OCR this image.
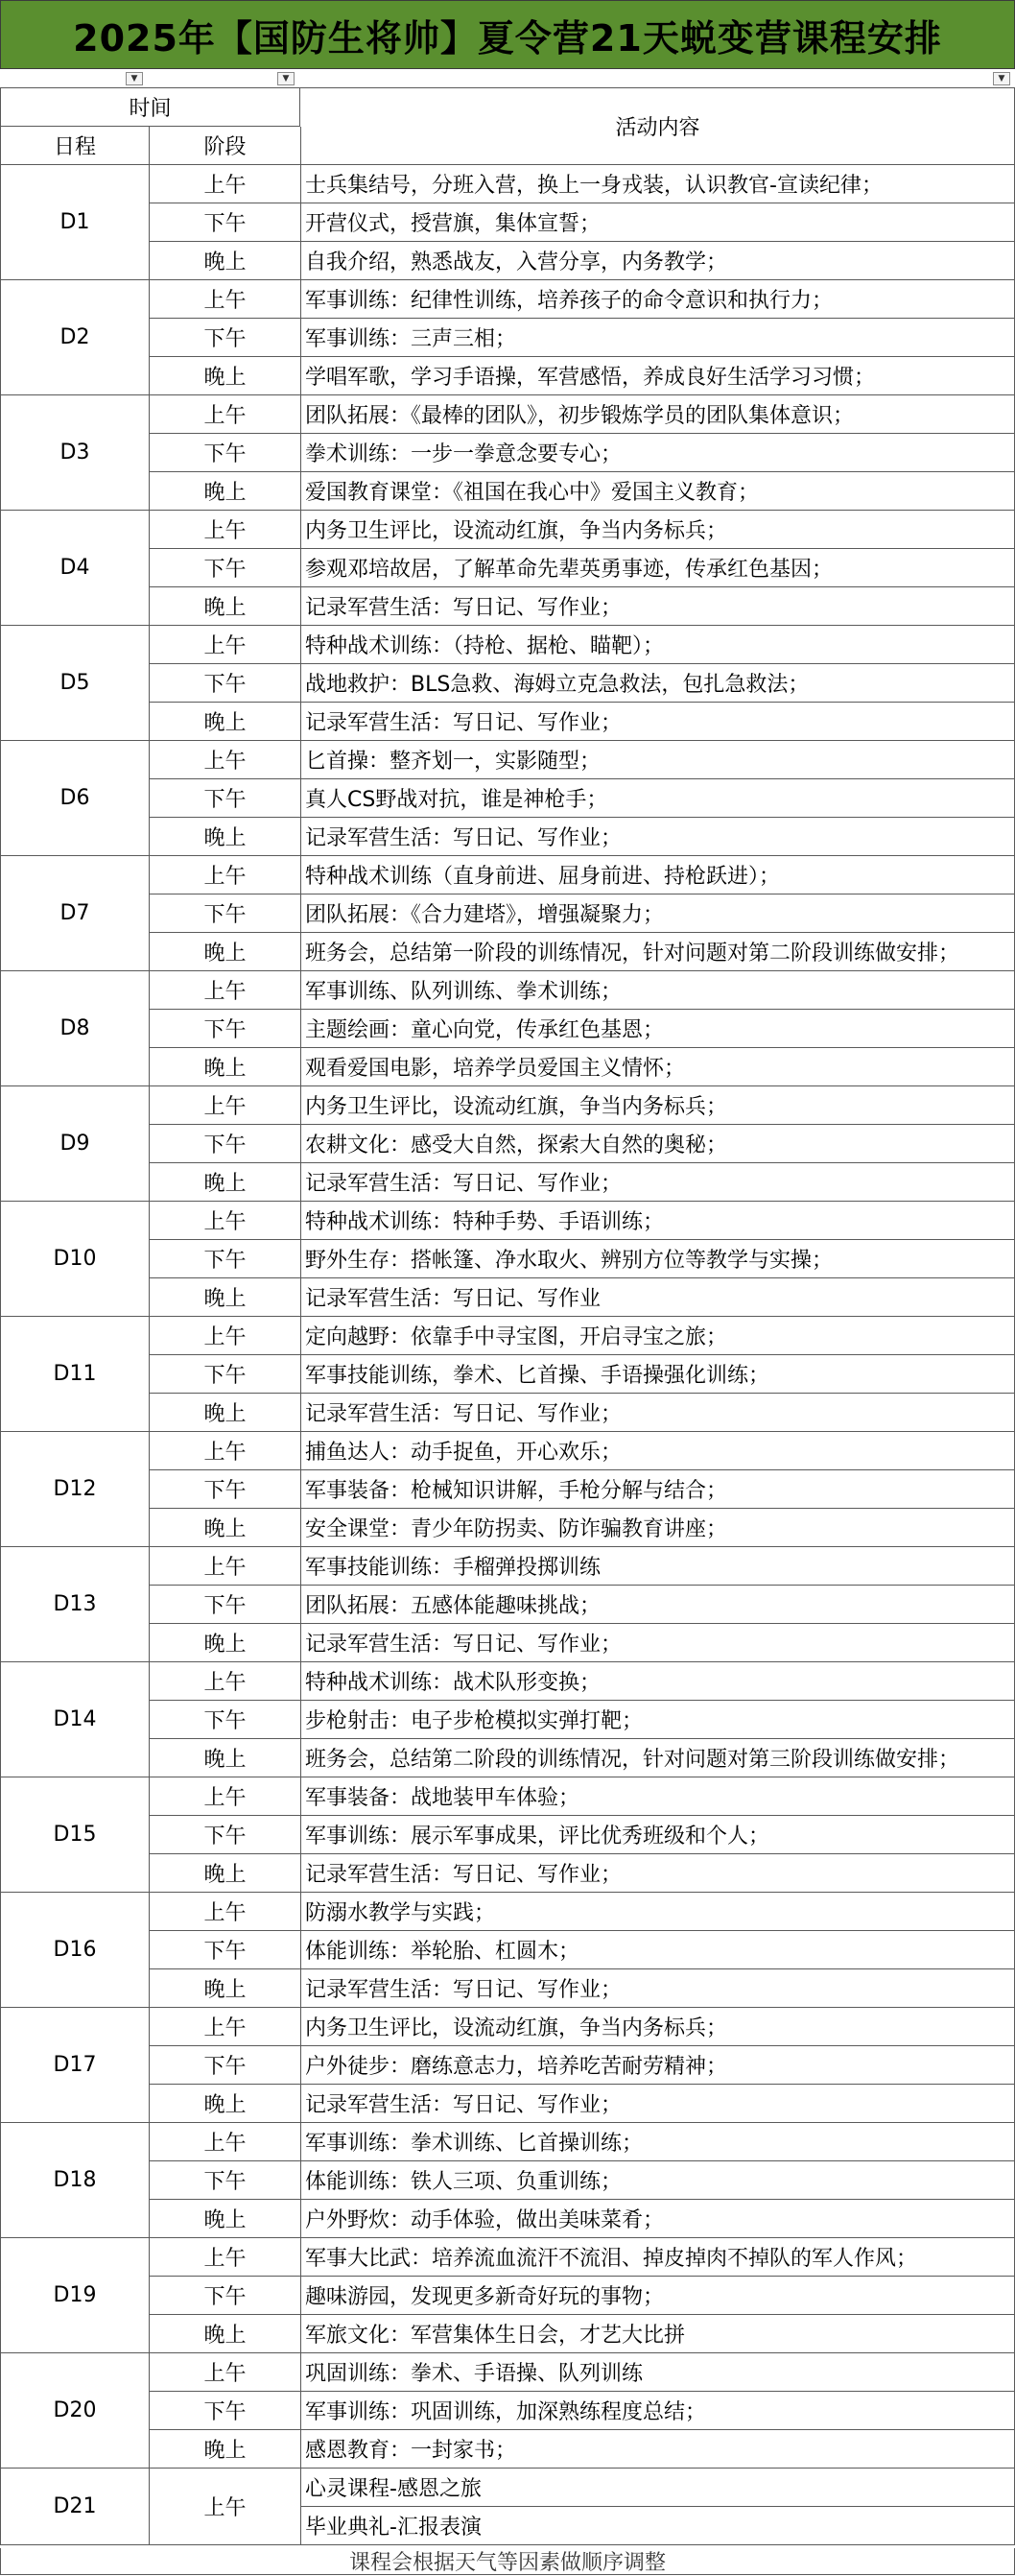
2025年【国防生将帅】夏令营21天蜕变营课程安排
▼	▼	▼
时间
日程	阶段
活动内容
D1
上午	士兵集结号，分班入营，换上一身戎装，认识教官-宣读纪律；
下午	开营仪式，授营旗，集体宣誓；
晚上	自我介绍，熟悉战友，入营分享，内务教学；
D2
上午	军事训练：纪律性训练，培养孩子的命令意识和执行力；
下午	军事训练：三声三相；
晚上	学唱军歌，学习手语操，军营感悟，养成良好生活学习习惯；
D3
上午	团队拓展：《最棒的团队》，初步锻炼学员的团队集体意识；
下午	拳术训练：一步一拳意念要专心；
晚上	爱国教育课堂：《祖国在我心中》爱国主义教育；
D4
上午	内务卫生评比，设流动红旗，争当内务标兵；
下午	参观邓培故居，了解革命先辈英勇事迹，传承红色基因；
晚上	记录军营生活：写日记、写作业；
D5
上午	特种战术训练：（持枪、据枪、瞄靶）；
下午	战地救护：BLS急救、海姆立克急救法，包扎急救法；
晚上	记录军营生活：写日记、写作业；
D6
上午	匕首操：整齐划一，实影随型；
下午	真人CS野战对抗，谁是神枪手；
晚上	记录军营生活：写日记、写作业；
D7
上午	特种战术训练（直身前进、屈身前进、持枪跃进）；
下午	团队拓展：《合力建塔》，增强凝聚力；
晚上	班务会，总结第一阶段的训练情况，针对问题对第二阶段训练做安排；
D8
上午	军事训练、队列训练、拳术训练；
下午	主题绘画：童心向党，传承红色基恩；
晚上	观看爱国电影，培养学员爱国主义情怀；
D9
上午	内务卫生评比，设流动红旗，争当内务标兵；
下午	农耕文化：感受大自然，探索大自然的奥秘；
晚上	记录军营生活：写日记、写作业；
D10
上午	特种战术训练：特种手势、手语训练；
下午	野外生存：搭帐篷、净水取火、辨别方位等教学与实操；
晚上	记录军营生活：写日记、写作业
D11
上午	定向越野：依靠手中寻宝图，开启寻宝之旅；
下午	军事技能训练，拳术、匕首操、手语操强化训练；
晚上	记录军营生活：写日记、写作业；
D12
上午	捕鱼达人：动手捉鱼，开心欢乐；
下午	军事装备：枪械知识讲解，手枪分解与结合；
晚上	安全课堂：青少年防拐卖、防诈骗教育讲座；
D13
上午	军事技能训练：手榴弹投掷训练
下午	团队拓展：五感体能趣味挑战；
晚上	记录军营生活：写日记、写作业；
D14
上午	特种战术训练：战术队形变换；
下午	步枪射击：电子步枪模拟实弹打靶；
晚上	班务会，总结第二阶段的训练情况，针对问题对第三阶段训练做安排；
D15
上午	军事装备：战地装甲车体验；
下午	军事训练：展示军事成果，评比优秀班级和个人；
晚上	记录军营生活：写日记、写作业；
D16
上午	防溺水教学与实践；
下午	体能训练：举轮胎、杠圆木；
晚上	记录军营生活：写日记、写作业；
D17
上午	内务卫生评比，设流动红旗，争当内务标兵；
下午	户外徒步：磨练意志力，培养吃苦耐劳精神；
晚上	记录军营生活：写日记、写作业；
D18
上午	军事训练：拳术训练、匕首操训练；
下午	体能训练：铁人三项、负重训练；
晚上	户外野炊：动手体验，做出美味菜肴；
D19
上午	军事大比武：培养流血流汗不流泪、掉皮掉肉不掉队的军人作风；
下午	趣味游园，发现更多新奇好玩的事物；
晚上	军旅文化：军营集体生日会，才艺大比拼
D20
上午	巩固训练：拳术、手语操、队列训练
下午	军事训练：巩固训练，加深熟练程度总结；
晚上	感恩教育：一封家书；
D21	上午
心灵课程-感恩之旅
毕业典礼-汇报表演
课程会根据天气等因素做顺序调整
